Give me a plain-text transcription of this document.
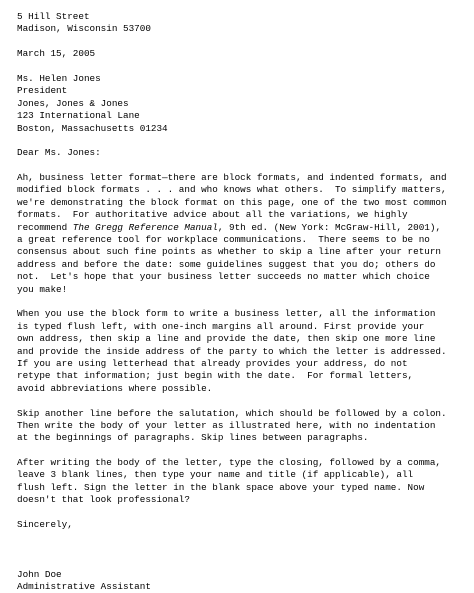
5 Hill Street
Madison, Wisconsin 53700
March 15, 2005
Ms. Helen Jones
President
Jones, Jones & Jones
123 International Lane
Boston, Massachusetts 01234
Dear Ms. Jones:
Ah, business letter format—there are block formats, and indented formats, and
modified block formats . . . and who knows what others.  To simplify matters,
we're demonstrating the block format on this page, one of the two most common
formats.  For authoritative advice about all the variations, we highly
recommend The Gregg Reference Manual, 9th ed. (New York: McGraw-Hill, 2001),
a great reference tool for workplace communications.  There seems to be no
consensus about such fine points as whether to skip a line after your return
address and before the date: some guidelines suggest that you do; others do
not.  Let's hope that your business letter succeeds no matter which choice
you make!
When you use the block form to write a business letter, all the information
is typed flush left, with one-inch margins all around. First provide your
own address, then skip a line and provide the date, then skip one more line
and provide the inside address of the party to which the letter is addressed.
If you are using letterhead that already provides your address, do not
retype that information; just begin with the date.  For formal letters,
avoid abbreviations where possible.
Skip another line before the salutation, which should be followed by a colon.
Then write the body of your letter as illustrated here, with no indentation
at the beginnings of paragraphs. Skip lines between paragraphs.
After writing the body of the letter, type the closing, followed by a comma,
leave 3 blank lines, then type your name and title (if applicable), all
flush left. Sign the letter in the blank space above your typed name. Now
doesn't that look professional?
Sincerely,
John Doe
Administrative Assistant
